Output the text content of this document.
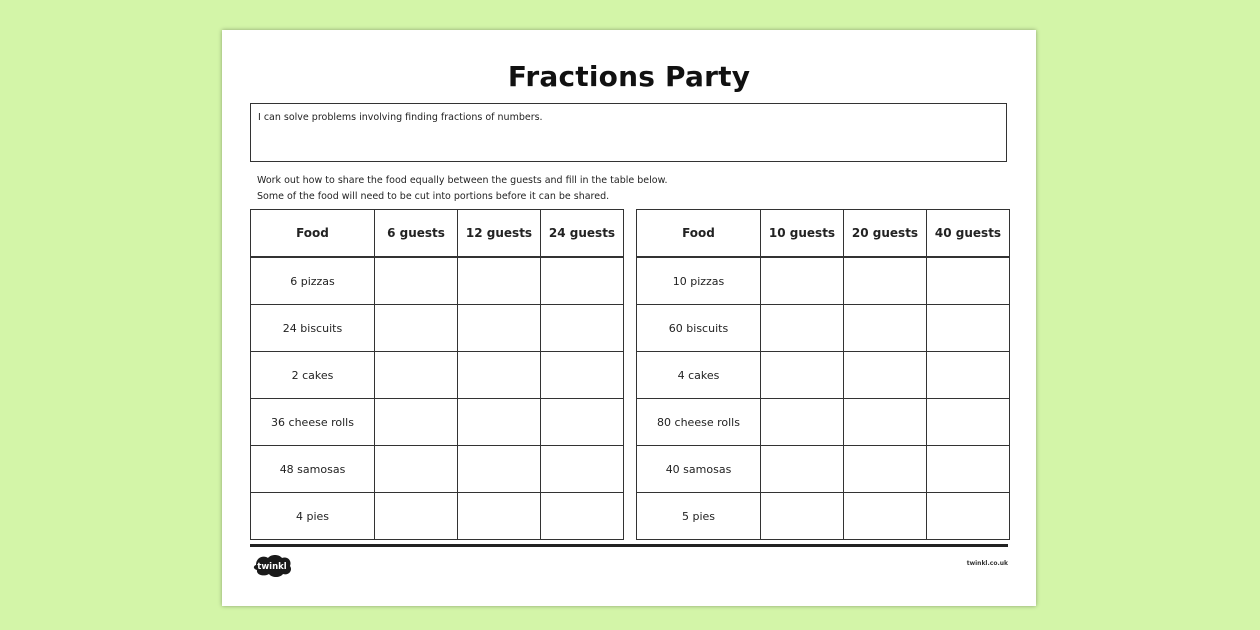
Fractions Party
I can solve problems involving finding fractions of numbers.
Work out how to share the food equally between the guests and fill in the table below.
Some of the food will need to be cut into portions before it can be shared.
Food	6 guests	12 guests	24 guests
6 pizzas			
24 biscuits			
2 cakes			
36 cheese rolls			
48 samosas			
4 pies			
Food	10 guests	20 guests	40 guests
10 pizzas			
60 biscuits			
4 cakes			
80 cheese rolls			
40 samosas			
5 pies			
twinkl	twinkl.co.uk
